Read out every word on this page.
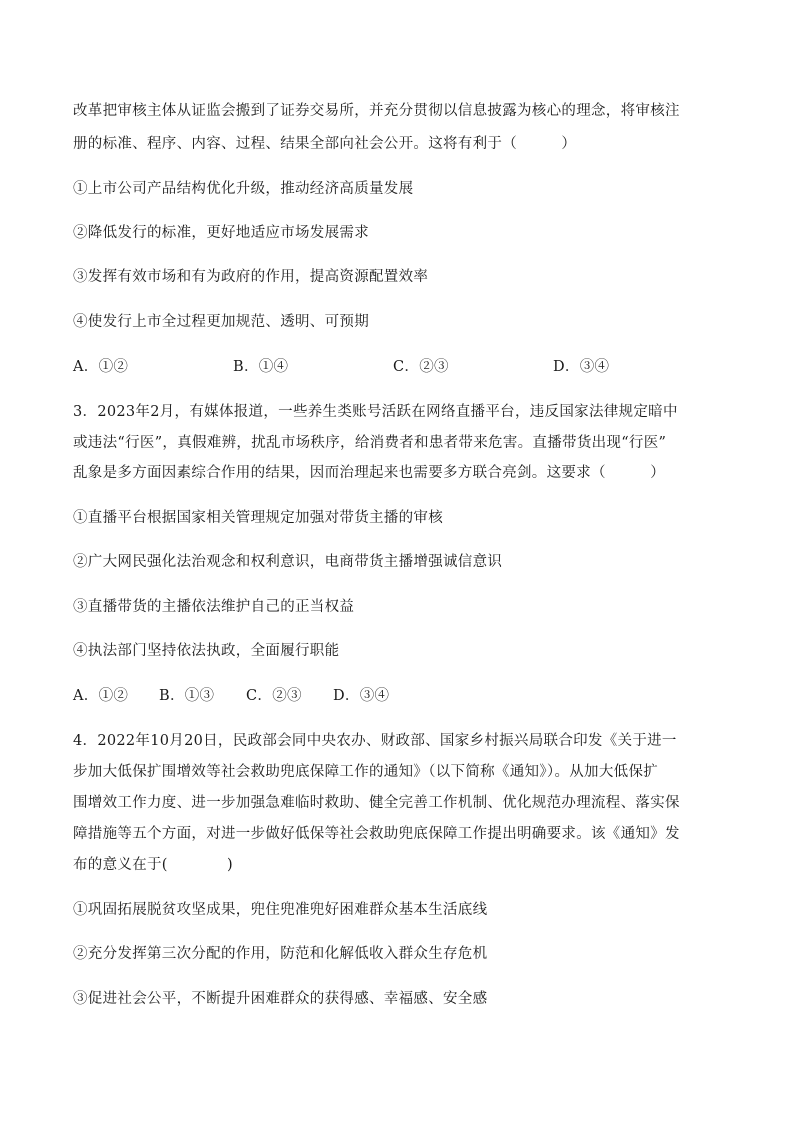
改革把审核主体从证监会搬到了证券交易所，并充分贯彻以信息披露为核心的理念，将审核注
册的标准、程序、内容、过程、结果全部向社会公开。这将有利于（　　　）
①上市公司产品结构优化升级，推动经济高质量发展
②降低发行的标准，更好地适应市场发展需求
③发挥有效市场和有为政府的作用，提高资源配置效率
④使发行上市全过程更加规范、透明、可预期
A．①②	B．①④	C．②③	D．③④
3．2023年2月，有媒体报道，一些养生类账号活跃在网络直播平台，违反国家法律规定暗中
或违法“行医”，真假难辨，扰乱市场秩序，给消费者和患者带来危害。直播带货出现“行医”
乱象是多方面因素综合作用的结果，因而治理起来也需要多方联合亮剑。这要求（　　　）
①直播平台根据国家相关管理规定加强对带货主播的审核
②广大网民强化法治观念和权利意识，电商带货主播增强诚信意识
③直播带货的主播依法维护自己的正当权益
④执法部门坚持依法执政，全面履行职能
A．①② B．①③ C．②③ D．③④
4．2022年10月20日，民政部会同中央农办、财政部、国家乡村振兴局联合印发《关于进一
步加大低保扩围增效等社会救助兜底保障工作的通知》（以下简称《通知》）。从加大低保扩
围增效工作力度、进一步加强急难临时救助、健全完善工作机制、优化规范办理流程、落实保
障措施等五个方面，对进一步做好低保等社会救助兜底保障工作提出明确要求。该《通知》发
布的意义在于(　　　　)
①巩固拓展脱贫攻坚成果，兜住兜准兜好困难群众基本生活底线
②充分发挥第三次分配的作用，防范和化解低收入群众生存危机
③促进社会公平，不断提升困难群众的获得感、幸福感、安全感
